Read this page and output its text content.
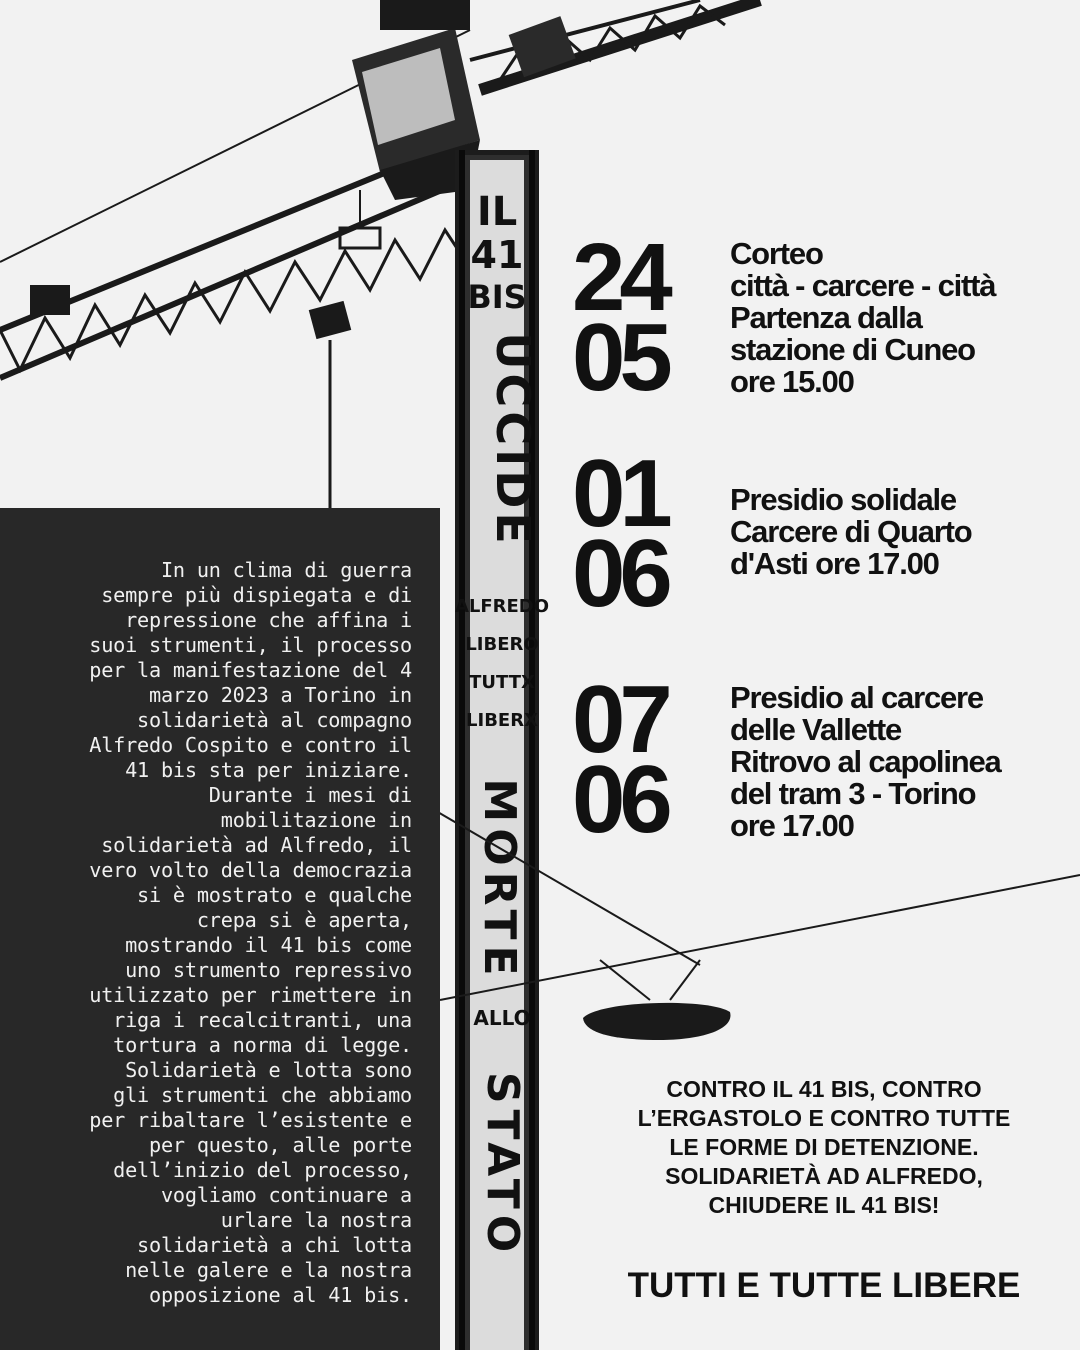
IL
41
BIS
UCCIDE
ALFREDO
LIBERO
TUTTX
LIBERX
MORTE
ALLO
STATO
In un clima di guerra
sempre più dispiegata e di
repressione che affina i
suoi strumenti, il processo
per la manifestazione del 4
marzo 2023 a Torino in
solidarietà al compagno
Alfredo Cospito e contro il
41 bis sta per iniziare.
Durante i mesi di
mobilitazione in
solidarietà ad Alfredo, il
vero volto della democrazia
si è mostrato e qualche
crepa si è aperta,
mostrando il 41 bis come
uno strumento repressivo
utilizzato per rimettere in
riga i recalcitranti, una
tortura a norma di legge.
Solidarietà e lotta sono
gli strumenti che abbiamo
per ribaltare l’esistente e
per questo, alle porte
dell’inizio del processo,
vogliamo continuare a
urlare la nostra
solidarietà a chi lotta
nelle galere e la nostra
opposizione al 41 bis.
24
05
Corteo
città - carcere - città
Partenza dalla
stazione di Cuneo
ore 15.00
01
06
Presidio solidale
Carcere di Quarto
d'Asti ore 17.00
07
06
Presidio al carcere
delle Vallette
Ritrovo al capolinea
del tram 3 - Torino
ore 17.00
CONTRO IL 41 BIS, CONTRO
L’ERGASTOLO E CONTRO TUTTE
LE FORME DI DETENZIONE.
SOLIDARIETÀ AD ALFREDO,
CHIUDERE IL 41 BIS!
TUTTI E TUTTE LIBERE
